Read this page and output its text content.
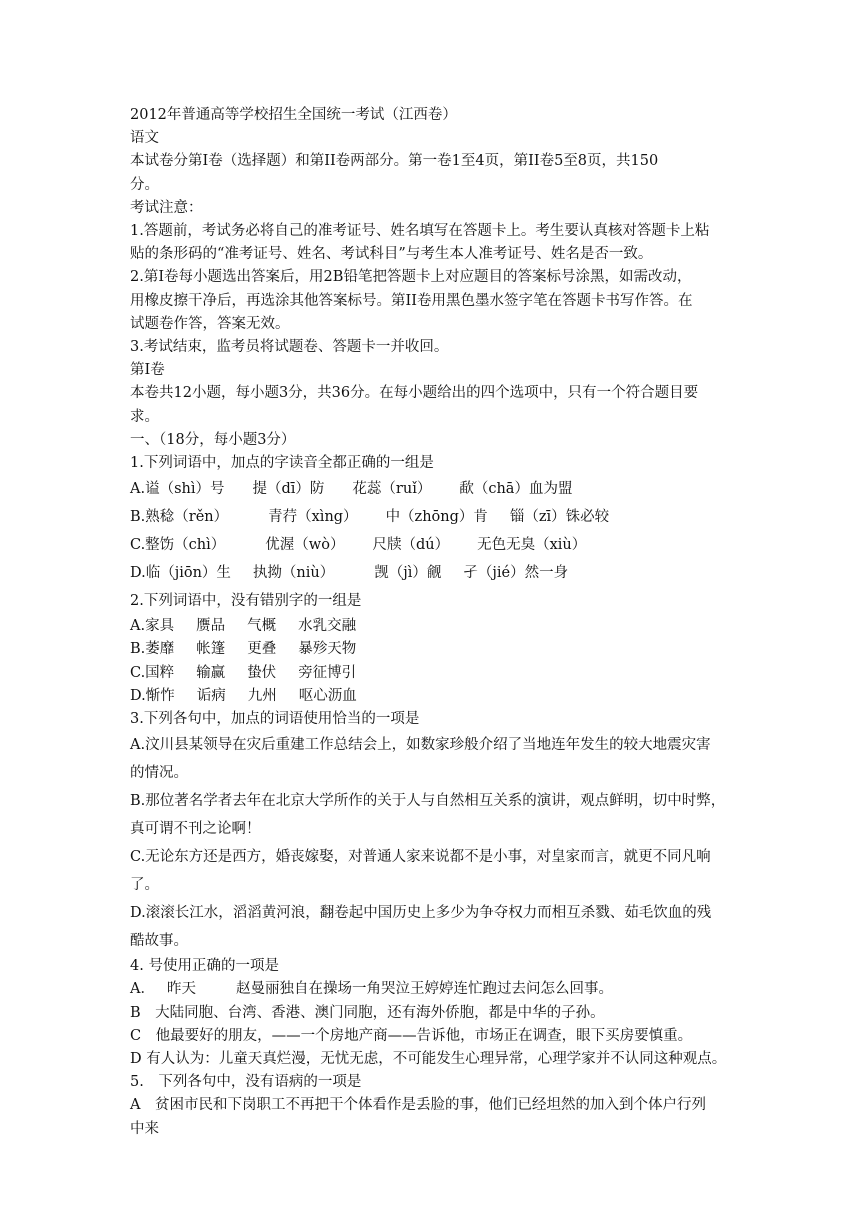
2012年普通高等学校招生全国统一考试（江西卷）
语文
本试卷分第I卷（选择题）和第II卷两部分。第一卷1至4页，第II卷5至8页，共150
分。
考试注意：
1.答题前，考试务必将自己的准考证号、姓名填写在答题卡上。考生要认真核对答题卡上粘
贴的条形码的“准考证号、姓名、考试科目”与考生本人准考证号、姓名是否一致。
2.第I卷每小题选出答案后，用2B铅笔把答题卡上对应题目的答案标号涂黑，如需改动，
用橡皮擦干净后，再选涂其他答案标号。第II卷用黑色墨水签字笔在答题卡书写作答。在
试题卷作答，答案无效。
3.考试结束，监考员将试题卷、答题卡一并收回。
第I卷
本卷共12小题，每小题3分，共36分。在每小题给出的四个选项中，只有一个符合题目要
求。
一、（18分，每小题3分）
1.下列词语中，加点的字读音全都正确的一组是
A.谥（shì）号 提（dī）防 花蕊（ruǐ） 歃（chā）血为盟
B.熟稔（rěn）	青荇（xìng） 中（zhōng）肯 锱（zī）铢必较
C.整饬（chì）	优渥（wò） 尺牍（dú） 无色无臭（xiù）
D.临（jiōn）生 执拗（niù）	觊（jì）觎 孑（jié）然一身
2.下列词语中，没有错别字的一组是
A.家具 赝品 气概 水乳交融
B.萎靡 帐篷 更叠 暴殄天物
C.国粹 输赢 蛰伏 旁征博引
D.惭怍 诟病 九州 呕心沥血
3.下列各句中，加点的词语使用恰当的一项是
A.汶川县某领导在灾后重建工作总结会上，如数家珍般介绍了当地连年发生的较大地震灾害
的情况。
B.那位著名学者去年在北京大学所作的关于人与自然相互关系的演讲，观点鲜明，切中时弊，
真可谓不刊之论啊！
C.无论东方还是西方，婚丧嫁娶，对普通人家来说都不是小事，对皇家而言，就更不同凡响
了。
D.滚滚长江水，滔滔黄河浪，翻卷起中国历史上多少为争夺权力而相互杀戮、茹毛饮血的残
酷故事。
4. 号使用正确的一项是
A． 昨天	赵曼丽独自在操场一角哭泣王婷婷连忙跑过去问怎么回事。
B　大陆同胞、台湾、香港、澳门同胞，还有海外侨胞，都是中华的子孙。
C　他最要好的朋友，——一个房地产商——告诉他，市场正在调查，眼下买房要慎重。
D 有人认为：儿童天真烂漫，无忧无虑，不可能发生心理异常，心理学家并不认同这种观点。
5.　下列各句中，没有语病的一项是
A　贫困市民和下岗职工不再把干个体看作是丢脸的事，他们已经坦然的加入到个体户行列
中来
